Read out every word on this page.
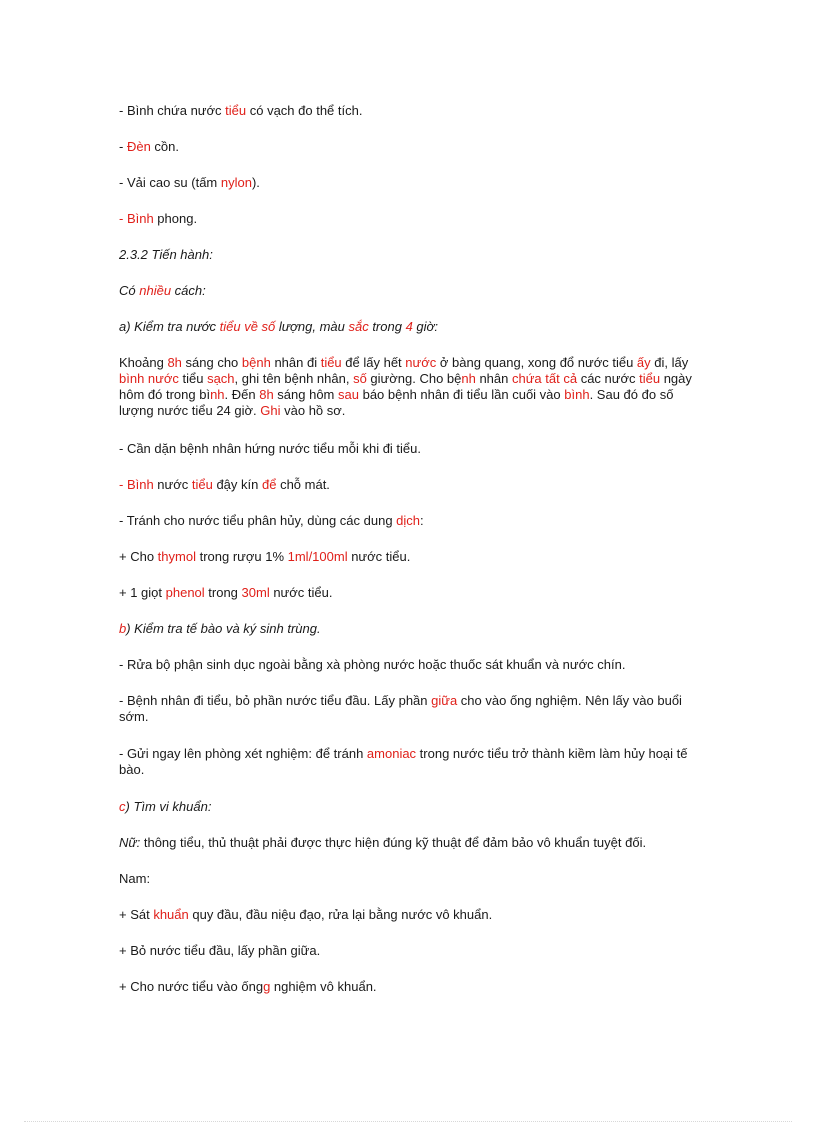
- Bình chứa nước tiểu có vạch đo thể tích.

- Đèn cồn.

- Vải cao su (tấm nylon).

- Bình phong.

2.3.2 Tiến hành:

Có nhiều cách:

a) Kiểm tra nước tiểu về số lượng, màu sắc trong 4 giờ:

Khoảng 8h sáng cho bệnh nhân đi tiểu để lấy hết nước ở bàng quang, xong đổ nước tiểu ấy đi, lấy bình nước tiểu sạch, ghi tên bệnh nhân, số giường. Cho bệnh nhân chứa tất cả các nước tiểu ngày hôm đó trong bình. Đến 8h sáng hôm sau báo bệnh nhân đi tiểu lần cuối vào bình. Sau đó đo số lượng nước tiểu 24 giờ. Ghi vào hồ sơ.

- Cần dặn bệnh nhân hứng nước tiểu mỗi khi đi tiểu.

- Bình nước tiểu đậy kín để chỗ mát.

- Tránh cho nước tiểu phân hủy, dùng các dung dịch:

+ Cho thymol trong rượu 1% 1ml/100ml nước tiểu.

+ 1 giọt phenol trong 30ml nước tiểu.

b) Kiểm tra tế bào và ký sinh trùng.

- Rửa bộ phận sinh dục ngoài bằng xà phòng nước hoặc thuốc sát khuẩn và nước chín.

- Bệnh nhân đi tiểu, bỏ phần nước tiểu đầu. Lấy phần giữa cho vào ống nghiệm. Nên lấy vào buổi sớm.

- Gửi ngay lên phòng xét nghiệm: để tránh amoniac trong nước tiểu trở thành kiềm làm hủy hoại tế bào.

c) Tìm vi khuẩn:

Nữ: thông tiểu, thủ thuật phải được thực hiện đúng kỹ thuật để đảm bảo vô khuẩn tuyệt đối.

Nam:

+ Sát khuẩn quy đầu, đầu niệu đạo, rửa lại bằng nước vô khuẩn.

+ Bỏ nước tiểu đầu, lấy phần giữa.

+ Cho nước tiểu vào ốngg nghiệm vô khuẩn.
